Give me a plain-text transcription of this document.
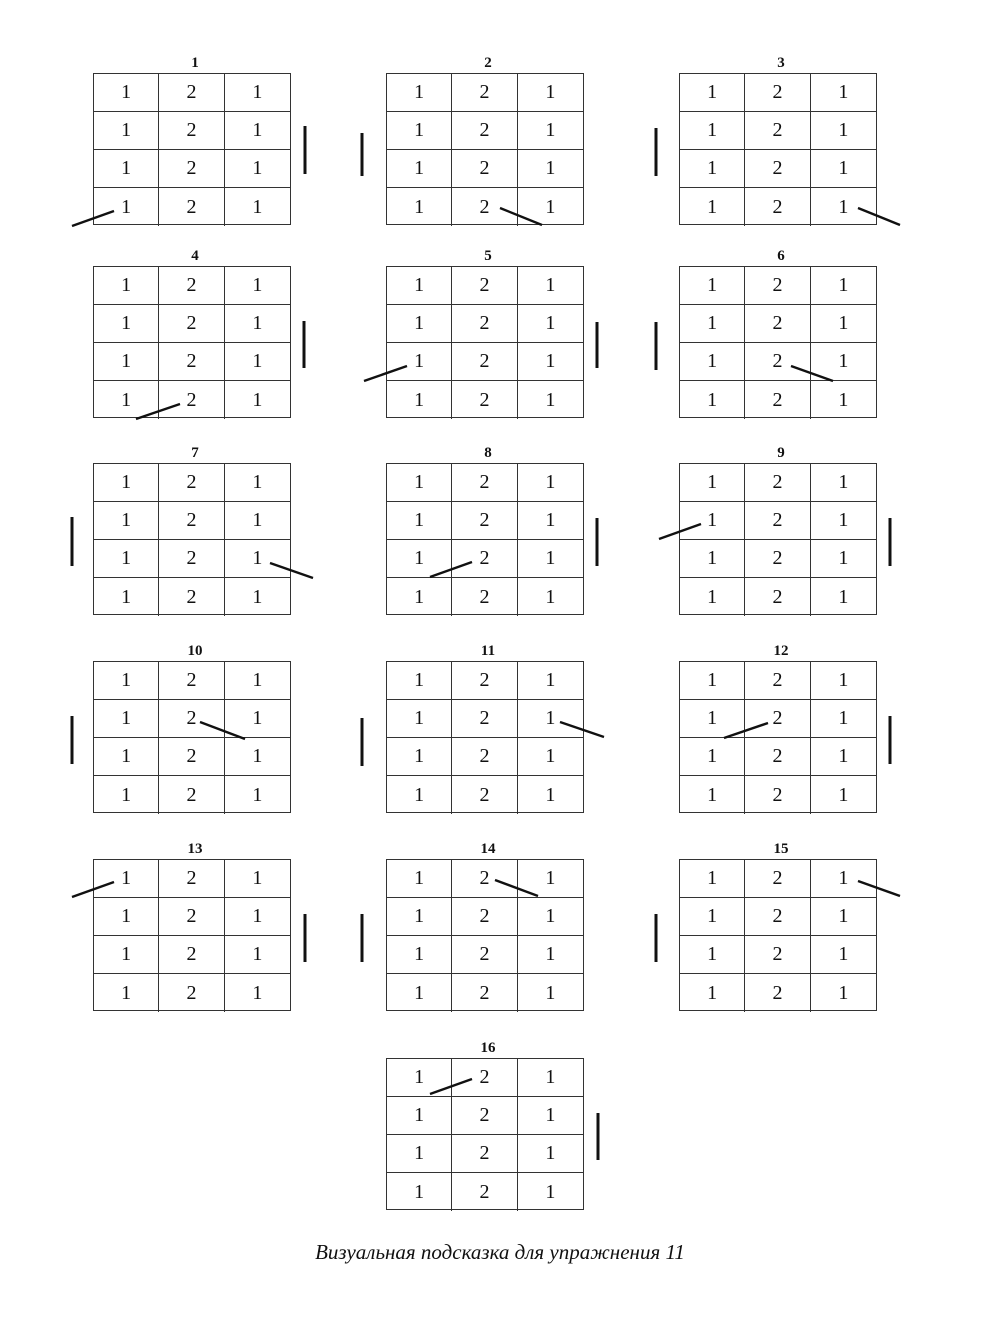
1
1	2	1
1	2	1
1	2	1
1	2	1
2
1	2	1
1	2	1
1	2	1
1	2	1
3
1	2	1
1	2	1
1	2	1
1	2	1
4
1	2	1
1	2	1
1	2	1
1	2	1
5
1	2	1
1	2	1
1	2	1
1	2	1
6
1	2	1
1	2	1
1	2	1
1	2	1
7
1	2	1
1	2	1
1	2	1
1	2	1
8
1	2	1
1	2	1
1	2	1
1	2	1
9
1	2	1
1	2	1
1	2	1
1	2	1
10
1	2	1
1	2	1
1	2	1
1	2	1
11
1	2	1
1	2	1
1	2	1
1	2	1
12
1	2	1
1	2	1
1	2	1
1	2	1
13
1	2	1
1	2	1
1	2	1
1	2	1
14
1	2	1
1	2	1
1	2	1
1	2	1
15
1	2	1
1	2	1
1	2	1
1	2	1
16
1	2	1
1	2	1
1	2	1
1	2	1
Визуальная подсказка для упражнения 11
